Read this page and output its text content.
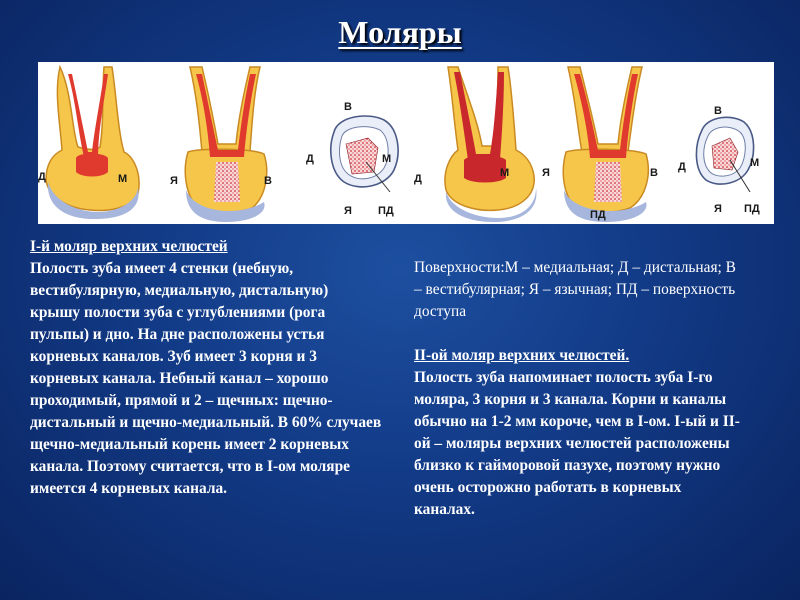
Моляры
Д	М	Я	В
В
Д	М
Я ПД
Д	М	Я	В
ПД
В
Д	М
Я ПД
I-й моляр верхних челюстей
Полость зуба имеет 4 стенки (небную, вестибулярную, медиальную, дистальную) крышу полости зуба с углублениями (рога пульпы) и дно. На дне расположены устья корневых каналов. Зуб имеет 3 корня и 3 корневых канала. Небный канал – хорошо проходимый, прямой и 2 – щечных: щечно-дистальный и щечно-медиальный. В 60% случаев щечно-медиальный корень имеет 2 корневых канала. Поэтому считается, что в I-ом моляре имеется 4 корневых канала.
Поверхности:М – медиальная; Д – дистальная; В – вестибулярная; Я – язычная; ПД – поверхность доступа
II-ой моляр верхних челюстей.
Полость зуба напоминает полость зуба I-го моляра, 3 корня и 3 канала. Корни и каналы обычно на 1-2 мм короче, чем в I-ом. I-ый и II-ой – моляры верхних челюстей расположены близко к гайморовой пазухе, поэтому нужно очень осторожно работать в корневых каналах.
